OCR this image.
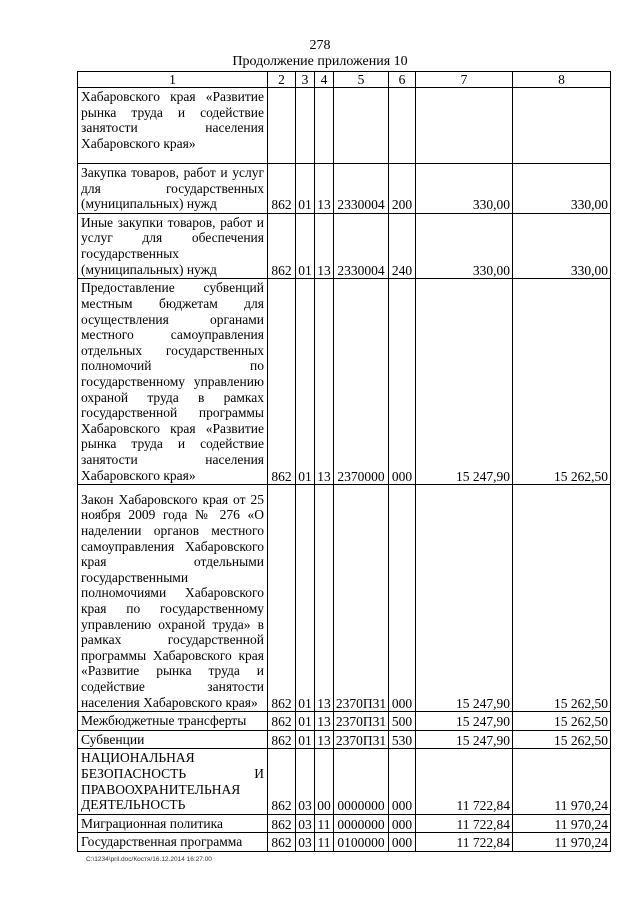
278
Продолжение приложения 10
1	2	3	4	5	6	7	8
Хабаровского края «Развитие рынка труда и содействие занятости населения Хабаровского края»							
Закупка товаров, работ и услуг для государственных (муниципальных) нужд	862	01	13	2330004	200	330,00	330,00
Иные закупки товаров, работ и услуг для обеспечения государственных (муниципальных) нужд	862	01	13	2330004	240	330,00	330,00
Предоставление субвенций местным бюджетам для осуществления органами местного самоуправления отдельных государственных полномочий по государственному управлению охраной труда в рамках государственной программы Хабаровского края «Развитие рынка труда и содействие занятости населения Хабаровского края»	862	01	13	2370000	000	15 247,90	15 262,50
Закон Хабаровского края от 25 ноября 2009 года № 276 «О наделении органов местного самоуправления Хабаровского края отдельными государственными полномочиями Хабаровского края по государственному управлению охраной труда» в рамках государственной программы Хабаровского края «Развитие рынка труда и содействие занятости населения Хабаровского края»	862	01	13	2370П31	000	15 247,90	15 262,50
Межбюджетные трансферты	862	01	13	2370П31	500	15 247,90	15 262,50
Субвенции	862	01	13	2370П31	530	15 247,90	15 262,50
НАЦИОНАЛЬНАЯ БЕЗОПАСНОСТЬ И ПРАВООХРАНИТЕЛЬНАЯ ДЕЯТЕЛЬНОСТЬ	862	03	00	0000000	000	11 722,84	11 970,24
Миграционная политика	862	03	11	0000000	000	11 722,84	11 970,24
Государственная программа	862	03	11	0100000	000	11 722,84	11 970,24
C:\1234\pril.doc/Костя/16.12.2014 16:27:00
